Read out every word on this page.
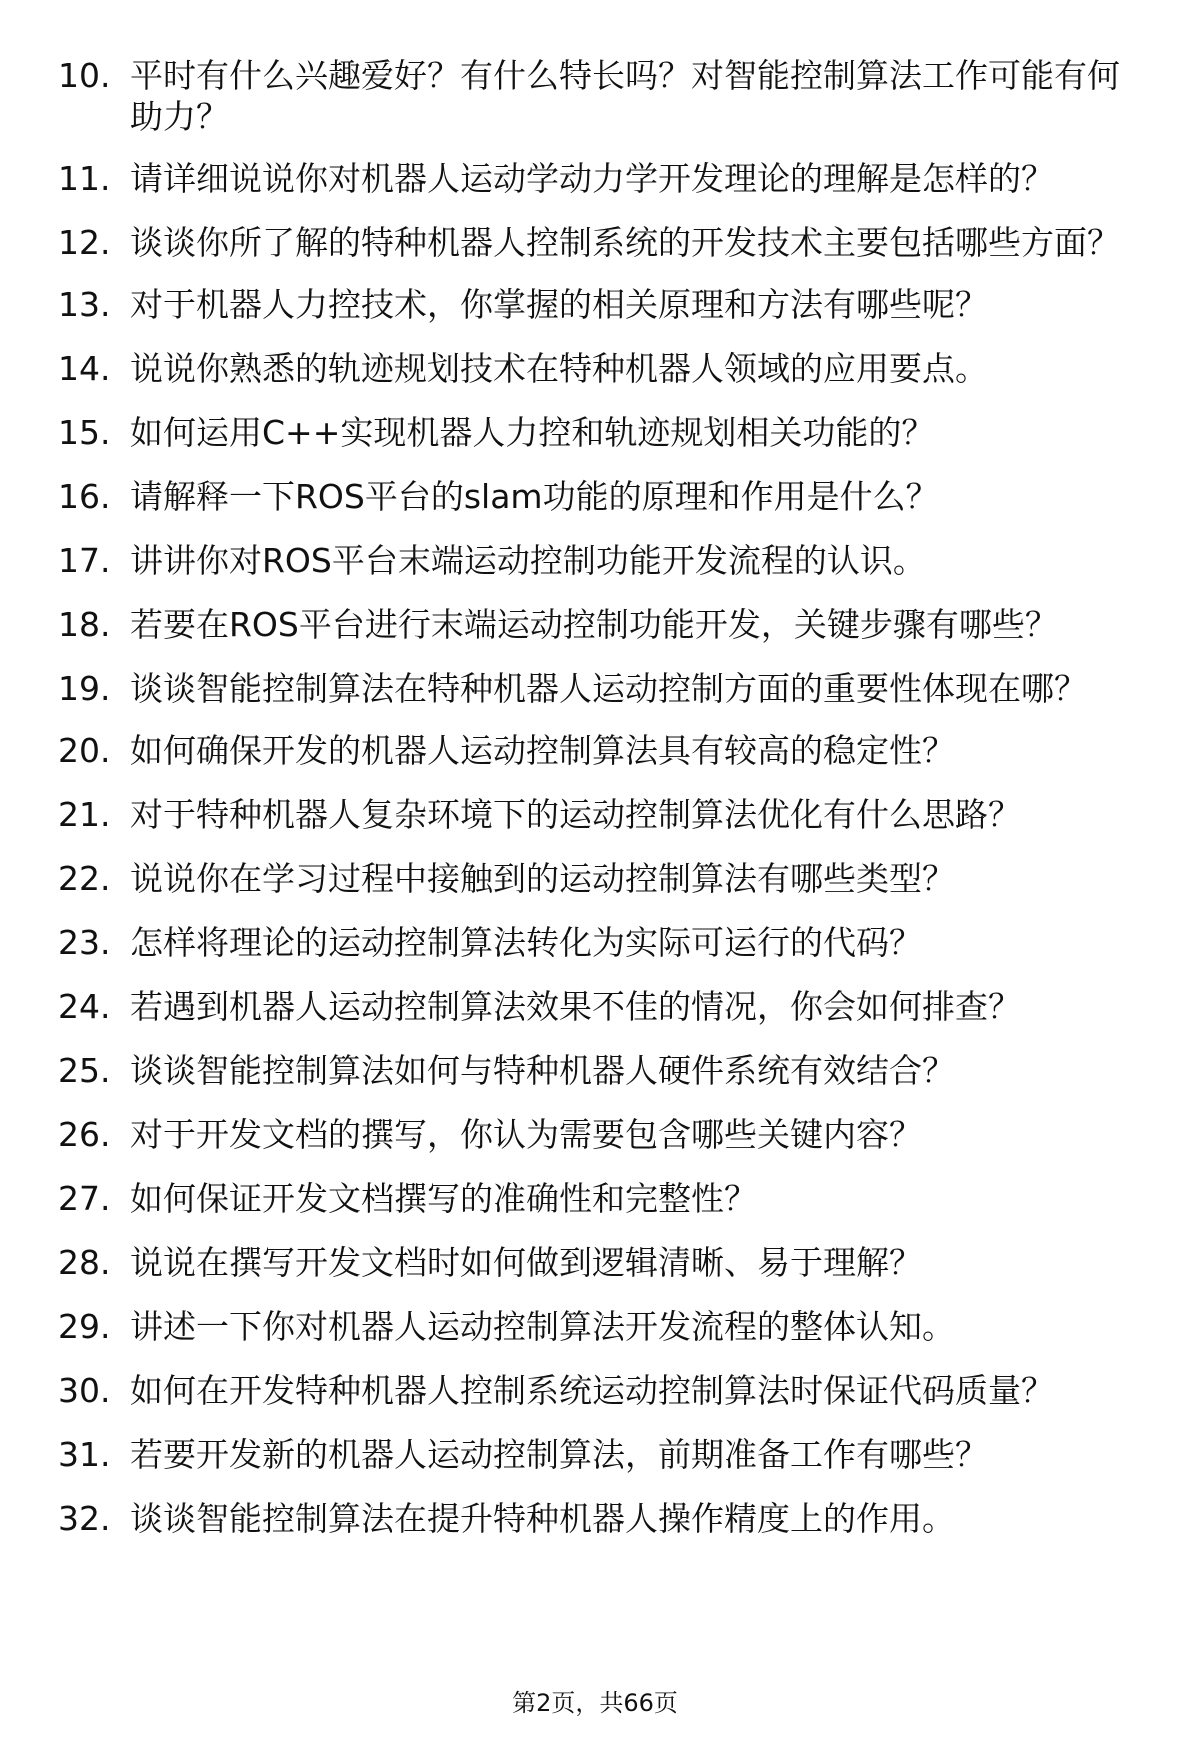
10. 平时有什么兴趣爱好？有什么特长吗？对智能控制算法工作可能有何助力？
11. 请详细说说你对机器人运动学动力学开发理论的理解是怎样的？
12. 谈谈你所了解的特种机器人控制系统的开发技术主要包括哪些方面？
13. 对于机器人力控技术，你掌握的相关原理和方法有哪些呢？
14. 说说你熟悉的轨迹规划技术在特种机器人领域的应用要点。
15. 如何运用C++实现机器人力控和轨迹规划相关功能的？
16. 请解释一下ROS平台的slam功能的原理和作用是什么？
17. 讲讲你对ROS平台末端运动控制功能开发流程的认识。
18. 若要在ROS平台进行末端运动控制功能开发，关键步骤有哪些？
19. 谈谈智能控制算法在特种机器人运动控制方面的重要性体现在哪？
20. 如何确保开发的机器人运动控制算法具有较高的稳定性？
21. 对于特种机器人复杂环境下的运动控制算法优化有什么思路？
22. 说说你在学习过程中接触到的运动控制算法有哪些类型？
23. 怎样将理论的运动控制算法转化为实际可运行的代码？
24. 若遇到机器人运动控制算法效果不佳的情况，你会如何排查？
25. 谈谈智能控制算法如何与特种机器人硬件系统有效结合？
26. 对于开发文档的撰写，你认为需要包含哪些关键内容？
27. 如何保证开发文档撰写的准确性和完整性？
28. 说说在撰写开发文档时如何做到逻辑清晰、易于理解？
29. 讲述一下你对机器人运动控制算法开发流程的整体认知。
30. 如何在开发特种机器人控制系统运动控制算法时保证代码质量？
31. 若要开发新的机器人运动控制算法，前期准备工作有哪些？
32. 谈谈智能控制算法在提升特种机器人操作精度上的作用。
第2页，共66页
